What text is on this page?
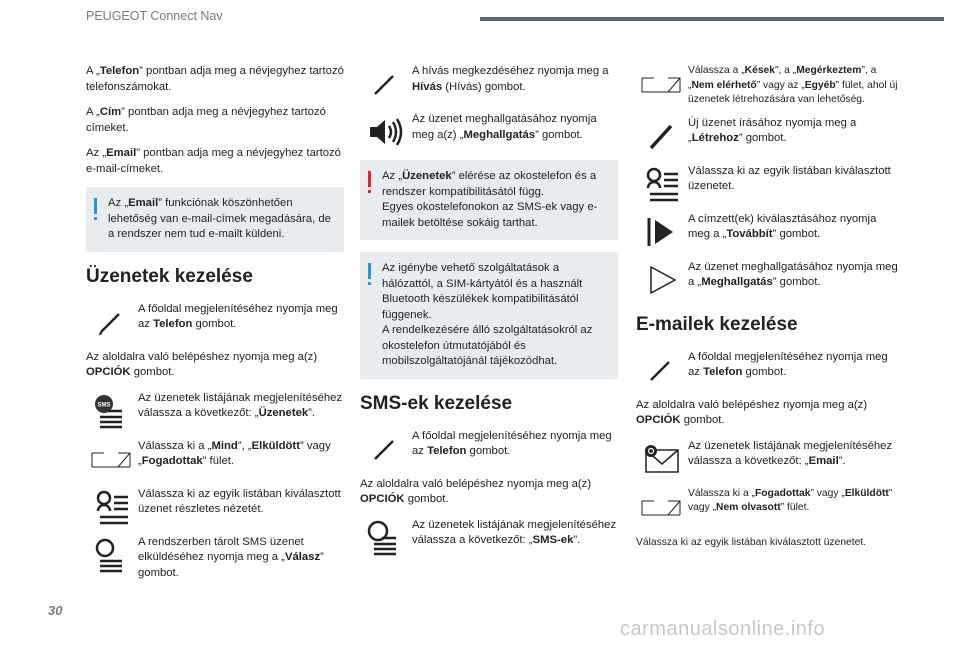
PEUGEOT Connect Nav
30
carmanualsonline.info

A „Telefon” pontban adja meg a névjegyhez tartozó telefonszámokat.

A „Cím” pontban adja meg a névjegyhez tartozó címeket.

Az „Email” pontban adja meg a névjegyhez tartozó e-mail-címeket.

Az „Email” funkciónak köszönhetően lehetőség van e-mail-címek megadására, de a rendszer nem tud e-mailt küldeni.
Üzenetek kezelése
A főoldal megjelenítéséhez nyomja meg az Telefon gombot.

Az aloldalra való belépéshez nyomja meg a(z) OPCIÓK gombot.

SMS
Az üzenetek listájának megjelenítéséhez válassza a következőt: „Üzenetek”.
Válassza ki a „Mind”, „Elküldött” vagy „Fogadottak” fület.
Válassza ki az egyik listában kiválasztott üzenet részletes nézetét.
A rendszerben tárolt SMS üzenet elküldéséhez nyomja meg a „Válasz” gombot.
A hívás megkezdéséhez nyomja meg a Hívás (Hívás) gombot.
Az üzenet meghallgatásához nyomja meg a(z) „Meghallgatás” gombot.
Az „Üzenetek” elérése az okostelefon és a rendszer kompatibilitásától függ.
Egyes okostelefonokon az SMS-ek vagy e-mailek betöltése sokáig tarthat.
Az igénybe vehető szolgáltatások a hálózattól, a SIM-kártyától és a használt Bluetooth készülékek kompatibilitásától függenek.
A rendelkezésére álló szolgáltatásokról az okostelefon útmutatójából és mobilszolgáltatójánál tájékozódhat.
SMS-ek kezelése
A főoldal megjelenítéséhez nyomja meg az Telefon gombot.

Az aloldalra való belépéshez nyomja meg a(z) OPCIÓK gombot.

Az üzenetek listájának megjelenítéséhez válassza a következőt: „SMS-ek”.
Válassza a „Kések”, a „Megérkeztem”, a „Nem elérhető” vagy az „Egyéb” fület, ahol új üzenetek létrehozására van lehetőség.
Új üzenet írásához nyomja meg a „Létrehoz” gombot.
Válassza ki az egyik listában kiválasztott üzenetet.
A címzett(ek) kiválasztásához nyomja meg a „Továbbít” gombot.
Az üzenet meghallgatásához nyomja meg a „Meghallgatás” gombot.
E-mailek kezelése
A főoldal megjelenítéséhez nyomja meg az Telefon gombot.

Az aloldalra való belépéshez nyomja meg a(z) OPCIÓK gombot.

Az üzenetek listájának megjelenítéséhez válassza a következőt: „Email”.
Válassza ki a „Fogadottak” vagy „Elküldött” vagy „Nem olvasott” fület.

Válassza ki az egyik listában kiválasztott üzenetet.
